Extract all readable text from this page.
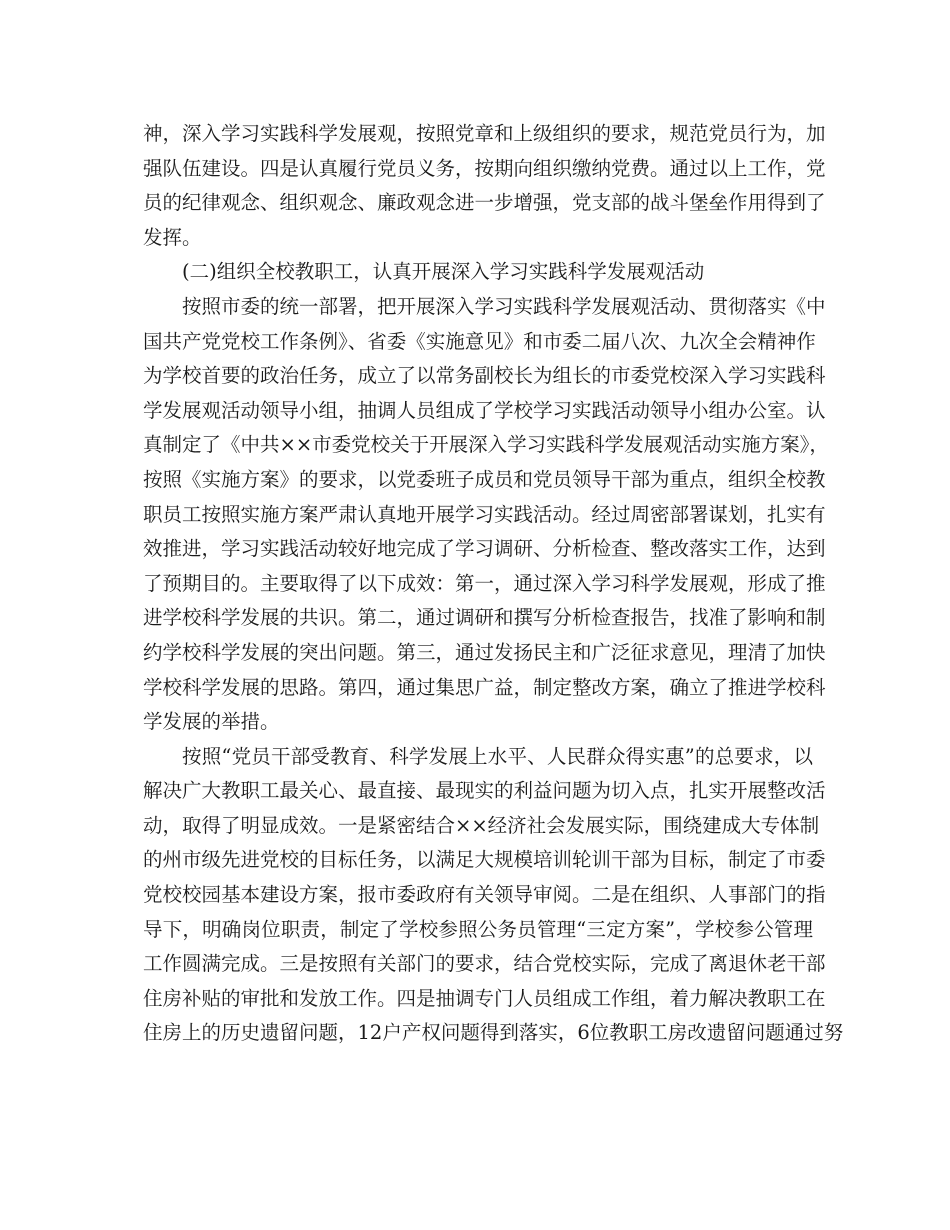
神，深入学习实践科学发展观，按照党章和上级组织的要求，规范党员行为，加
强队伍建设。四是认真履行党员义务，按期向组织缴纳党费。通过以上工作，党
员的纪律观念、组织观念、廉政观念进一步增强，党支部的战斗堡垒作用得到了
发挥。
(二)组织全校教职工，认真开展深入学习实践科学发展观活动
按照市委的统一部署，把开展深入学习实践科学发展观活动、贯彻落实《中
国共产党党校工作条例》、省委《实施意见》和市委二届八次、九次全会精神作
为学校首要的政治任务，成立了以常务副校长为组长的市委党校深入学习实践科
学发展观活动领导小组，抽调人员组成了学校学习实践活动领导小组办公室。认
真制定了《中共××市委党校关于开展深入学习实践科学发展观活动实施方案》，
按照《实施方案》的要求，以党委班子成员和党员领导干部为重点，组织全校教
职员工按照实施方案严肃认真地开展学习实践活动。经过周密部署谋划，扎实有
效推进，学习实践活动较好地完成了学习调研、分析检查、整改落实工作，达到
了预期目的。主要取得了以下成效：第一，通过深入学习科学发展观，形成了推
进学校科学发展的共识。第二，通过调研和撰写分析检查报告，找准了影响和制
约学校科学发展的突出问题。第三，通过发扬民主和广泛征求意见，理清了加快
学校科学发展的思路。第四，通过集思广益，制定整改方案，确立了推进学校科
学发展的举措。
按照“党员干部受教育、科学发展上水平、人民群众得实惠”的总要求，以
解决广大教职工最关心、最直接、最现实的利益问题为切入点，扎实开展整改活
动，取得了明显成效。一是紧密结合××经济社会发展实际，围绕建成大专体制
的州市级先进党校的目标任务，以满足大规模培训轮训干部为目标，制定了市委
党校校园基本建设方案，报市委政府有关领导审阅。二是在组织、人事部门的指
导下，明确岗位职责，制定了学校参照公务员管理“三定方案”，学校参公管理
工作圆满完成。三是按照有关部门的要求，结合党校实际，完成了离退休老干部
住房补贴的审批和发放工作。四是抽调专门人员组成工作组，着力解决教职工在
住房上的历史遗留问题，12户产权问题得到落实，6位教职工房改遗留问题通过努
